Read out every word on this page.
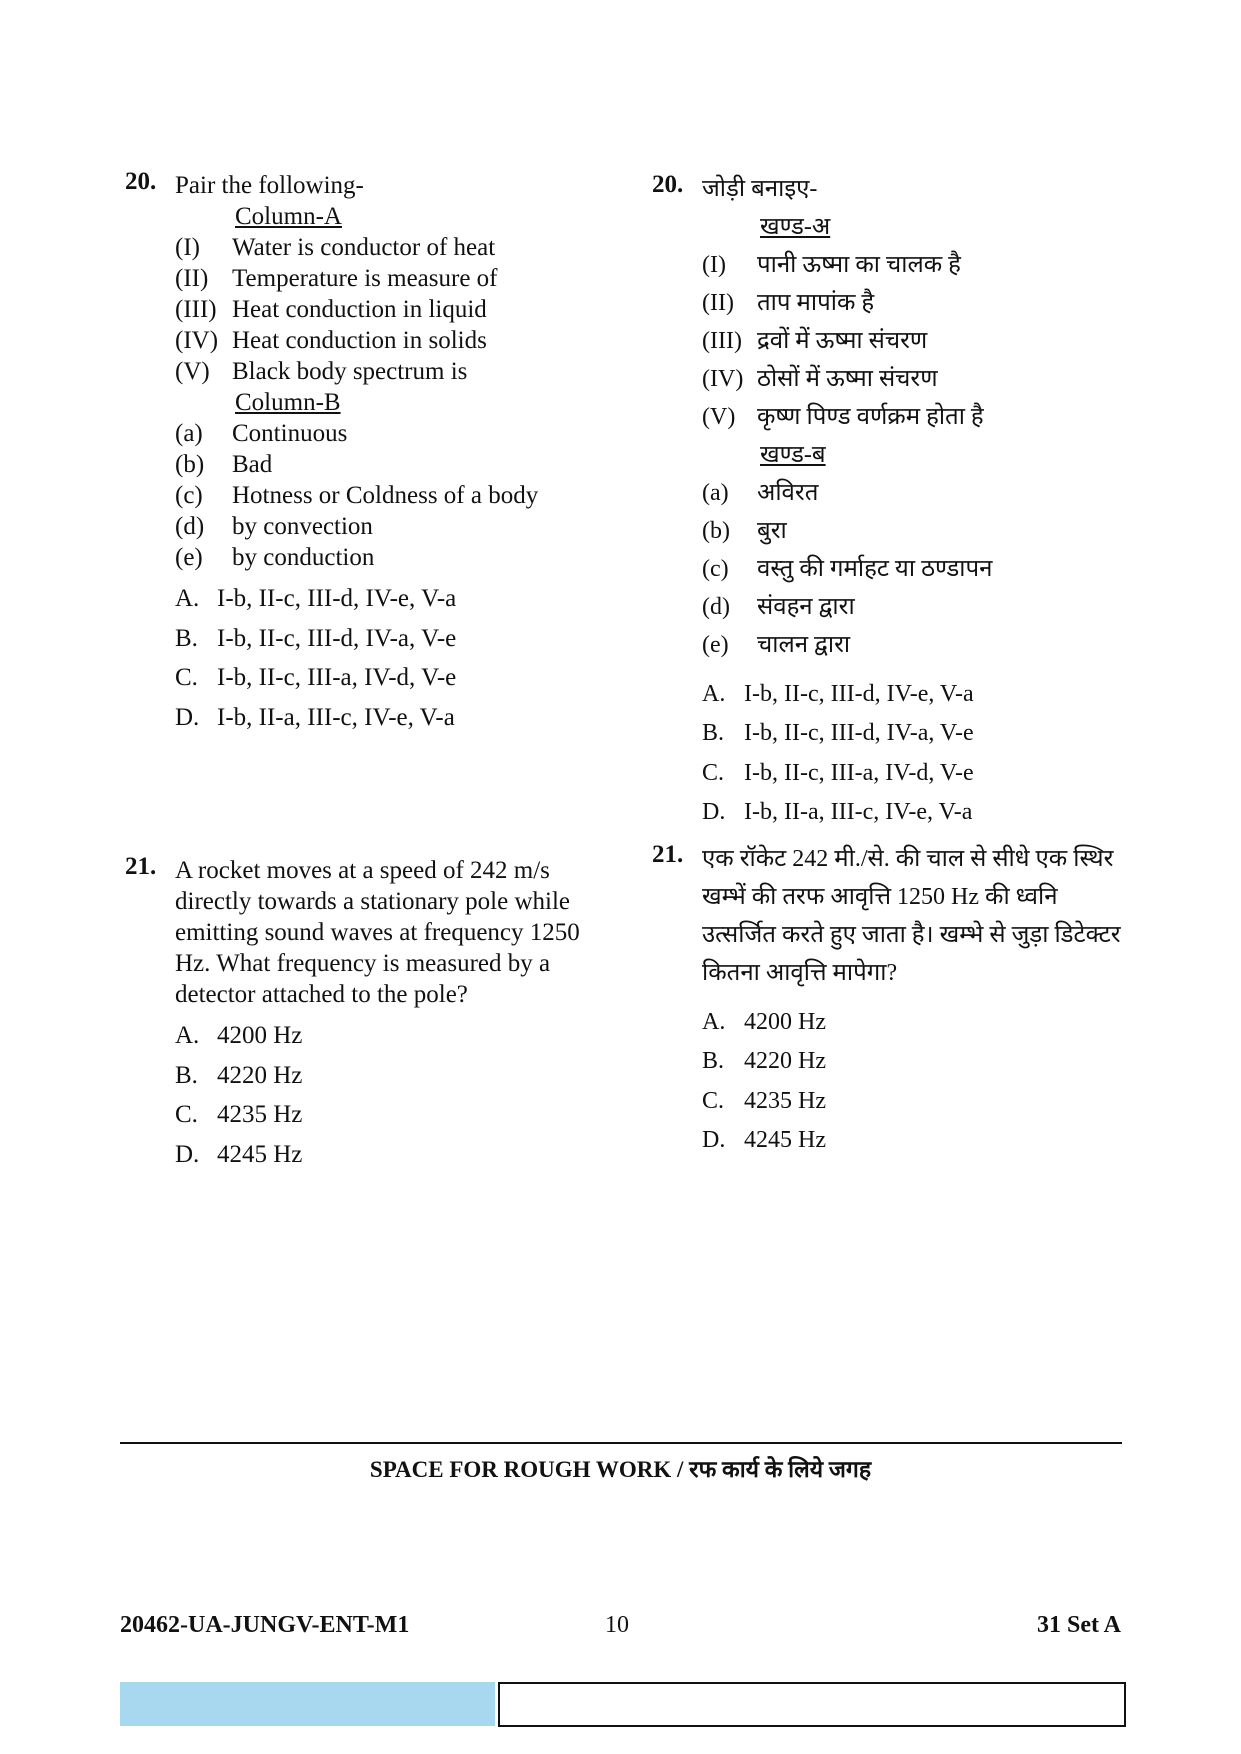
20. Pair the following-
Column-A
(I)	Water is conductor of heat
(II) Temperature is measure of
(III) Heat conduction in liquid
(IV) Heat conduction in solids
(V) Black body spectrum is
Column-B
(a)	Continuous
(b)	Bad
(c)	Hotness or Coldness of a body
(d)	by convection
(e)	by conduction
A. I-b, II-c, III-d, IV-e, V-a
B. I-b, II-c, III-d, IV-a, V-e
C. I-b, II-c, III-a, IV-d, V-e
D. I-b, II-a, III-c, IV-e, V-a
21. A rocket moves at a speed of 242 m/s directly towards a stationary pole while emitting sound waves at frequency 1250 Hz. What frequency is measured by a detector attached to the pole?
A. 4200 Hz
B. 4220 Hz
C. 4235 Hz
D. 4245 Hz
20. जोड़ी बनाइए-
खण्ड-अ
(I)	पानी ऊष्मा का चालक है
(II) ताप मापांक है
(III) द्रवों में ऊष्मा संचरण
(IV) ठोसों में ऊष्मा संचरण
(V) कृष्ण पिण्ड वर्णक्रम होता है
खण्ड-ब
(a)	अविरत
(b)	बुरा
(c)	वस्तु की गर्माहट या ठण्डापन
(d)	संवहन द्वारा
(e)	चालन द्वारा
A. I-b, II-c, III-d, IV-e, V-a
B. I-b, II-c, III-d, IV-a, V-e
C. I-b, II-c, III-a, IV-d, V-e
D. I-b, II-a, III-c, IV-e, V-a
21. एक रॉकेट 242 मी./से. की चाल से सीधे एक स्थिर खम्भें की तरफ आवृत्ति 1250 Hz की ध्वनि उत्सर्जित करते हुए जाता है। खम्भे से जुड़ा डिटेक्टर कितना आवृत्ति मापेगा?
A. 4200 Hz
B. 4220 Hz
C. 4235 Hz
D. 4245 Hz
SPACE FOR ROUGH WORK / रफ कार्य के लिये जगह
20462-UA-JUNGV-ENT-M1	10	31 Set A
